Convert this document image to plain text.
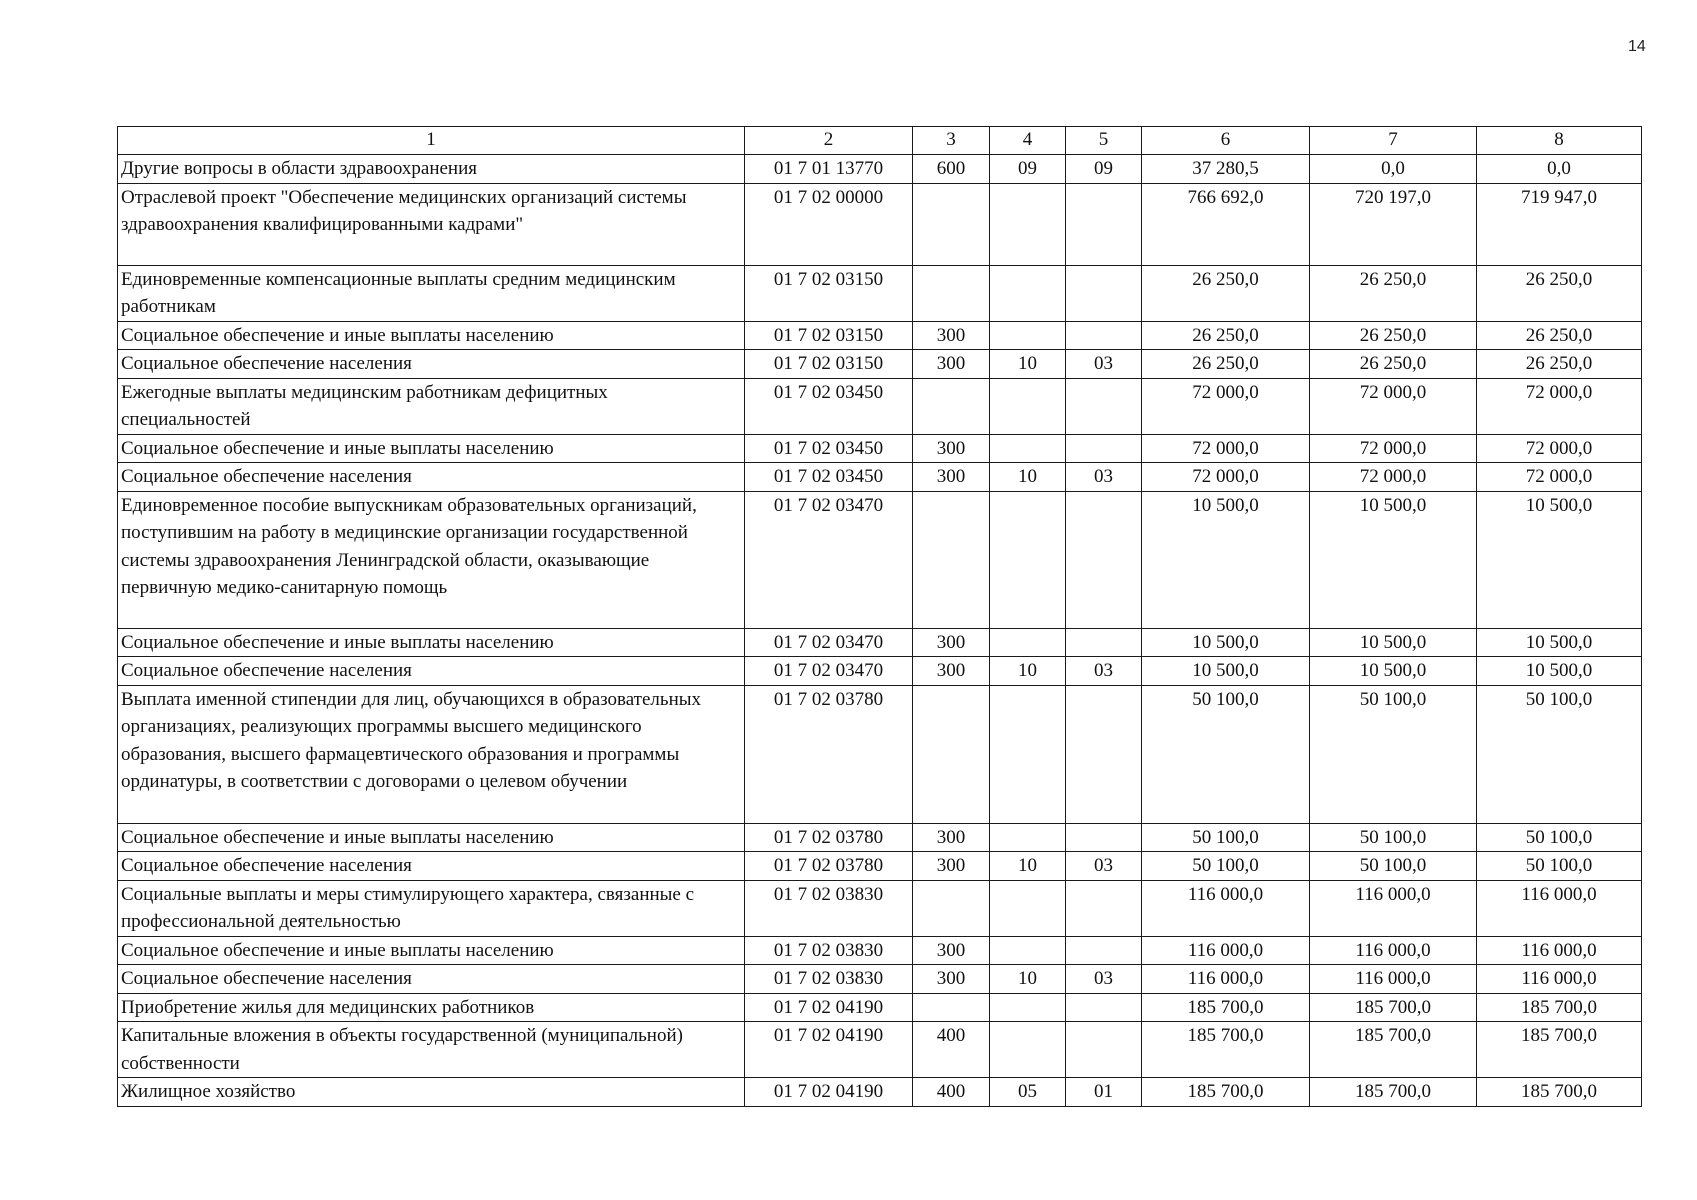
14
1	2	3	4	5	6	7	8
Другие вопросы в области здравоохранения	01 7 01 13770	600	09	09	37 280,5	0,0	0,0
Отраслевой проект "Обеспечение медицинских организаций системы здравоохранения квалифицированными кадрами"	01 7 02 00000				766 692,0	720 197,0	719 947,0
Единовременные компенсационные выплаты средним медицинским работникам	01 7 02 03150				26 250,0	26 250,0	26 250,0
Социальное обеспечение и иные выплаты населению	01 7 02 03150	300			26 250,0	26 250,0	26 250,0
Социальное обеспечение населения	01 7 02 03150	300	10	03	26 250,0	26 250,0	26 250,0
Ежегодные выплаты медицинским работникам дефицитных специальностей	01 7 02 03450				72 000,0	72 000,0	72 000,0
Социальное обеспечение и иные выплаты населению	01 7 02 03450	300			72 000,0	72 000,0	72 000,0
Социальное обеспечение населения	01 7 02 03450	300	10	03	72 000,0	72 000,0	72 000,0
Единовременное пособие выпускникам образовательных организаций, поступившим на работу в медицинские организации государственной системы здравоохранения Ленинградской области, оказывающие первичную медико-санитарную помощь	01 7 02 03470				10 500,0	10 500,0	10 500,0
Социальное обеспечение и иные выплаты населению	01 7 02 03470	300			10 500,0	10 500,0	10 500,0
Социальное обеспечение населения	01 7 02 03470	300	10	03	10 500,0	10 500,0	10 500,0
Выплата именной стипендии для лиц, обучающихся в образовательных организациях, реализующих программы высшего медицинского образования, высшего фармацевтического образования и программы ординатуры, в соответствии с договорами о целевом обучении	01 7 02 03780				50 100,0	50 100,0	50 100,0
Социальное обеспечение и иные выплаты населению	01 7 02 03780	300			50 100,0	50 100,0	50 100,0
Социальное обеспечение населения	01 7 02 03780	300	10	03	50 100,0	50 100,0	50 100,0
Социальные выплаты и меры стимулирующего характера, связанные с профессиональной деятельностью	01 7 02 03830				116 000,0	116 000,0	116 000,0
Социальное обеспечение и иные выплаты населению	01 7 02 03830	300			116 000,0	116 000,0	116 000,0
Социальное обеспечение населения	01 7 02 03830	300	10	03	116 000,0	116 000,0	116 000,0
Приобретение жилья для медицинских работников	01 7 02 04190				185 700,0	185 700,0	185 700,0
Капитальные вложения в объекты государственной (муниципальной) собственности	01 7 02 04190	400			185 700,0	185 700,0	185 700,0
Жилищное хозяйство	01 7 02 04190	400	05	01	185 700,0	185 700,0	185 700,0
